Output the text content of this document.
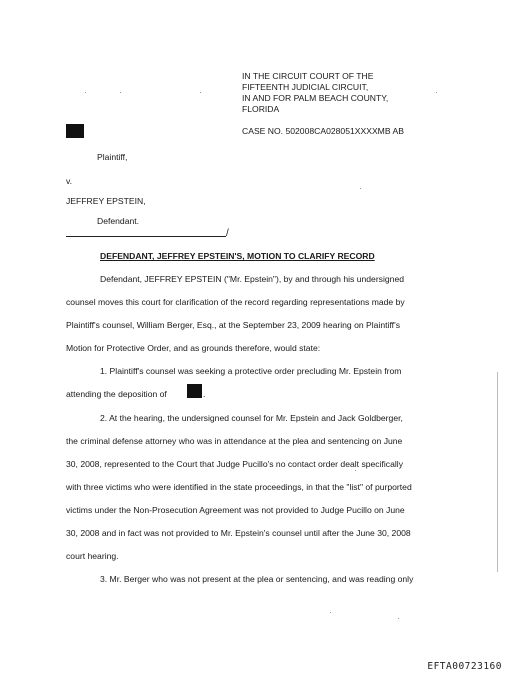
IN THE CIRCUIT COURT OF THE
FIFTEENTH JUDICIAL CIRCUIT,
IN AND FOR PALM BEACH COUNTY,
FLORIDA
CASE NO. 502008CA028051XXXXMB AB
Plaintiff,
v.
JEFFREY EPSTEIN,
Defendant.
/
DEFENDANT, JEFFREY EPSTEIN'S, MOTION TO CLARIFY RECORD
Defendant, JEFFREY EPSTEIN ("Mr. Epstein"), by and through his undersigned
counsel moves this court for clarification of the record regarding representations made by
Plaintiff's counsel, William Berger, Esq., at the September 23, 2009 hearing on Plaintiff's
Motion for Protective Order, and as grounds therefore, would state:
1. Plaintiff's counsel was seeking a protective order precluding Mr. Epstein from
attending the deposition of	.
2. At the hearing, the undersigned counsel for Mr. Epstein and Jack Goldberger,
the criminal defense attorney who was in attendance at the plea and sentencing on June
30, 2008, represented to the Court that Judge Pucillo's no contact order dealt specifically
with three victims who were identified in the state proceedings, in that the "list" of purported
victims under the Non-Prosecution Agreement was not provided to Judge Pucillo on June
30, 2008 and in fact was not provided to Mr. Epstein's counsel until after the June 30, 2008
court hearing.
3. Mr. Berger who was not present at the plea or sentencing, and was reading only
EFTA00723160
